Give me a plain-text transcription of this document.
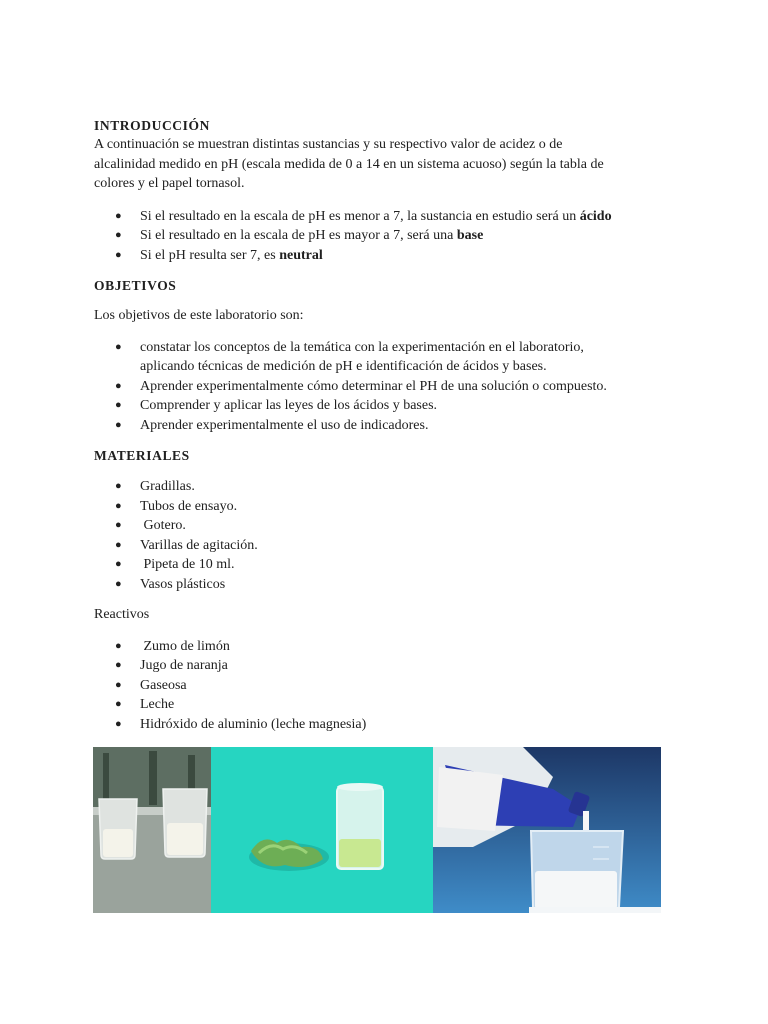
INTRODUCCIÓN

A continuación se muestran distintas sustancias y su respectivo valor de acidez o de

alcalinidad medido en pH (escala medida de 0 a 14 en un sistema acuoso) según la tabla de

colores y el papel tornasol.

● Si el resultado en la escala de pH es menor a 7, la sustancia en estudio será un ácido
● Si el resultado en la escala de pH es mayor a 7, será una base
● Si el pH resulta ser 7, es neutral
OBJETIVOS

Los objetivos de este laboratorio son:

● constatar los conceptos de la temática con la experimentación en el laboratorio,
aplicando técnicas de medición de pH e identificación de ácidos y bases.
● Aprender experimentalmente cómo determinar el PH de una solución o compuesto.
● Comprender y aplicar las leyes de los ácidos y bases.
● Aprender experimentalmente el uso de indicadores.
MATERIALES
● Gradillas.
● Tubos de ensayo.
● Gotero.
● Varillas de agitación.
● Pipeta de 10 ml.
● Vasos plásticos

Reactivos

● Zumo de limón
● Jugo de naranja
● Gaseosa
● Leche
● Hidróxido de aluminio (leche magnesia)
